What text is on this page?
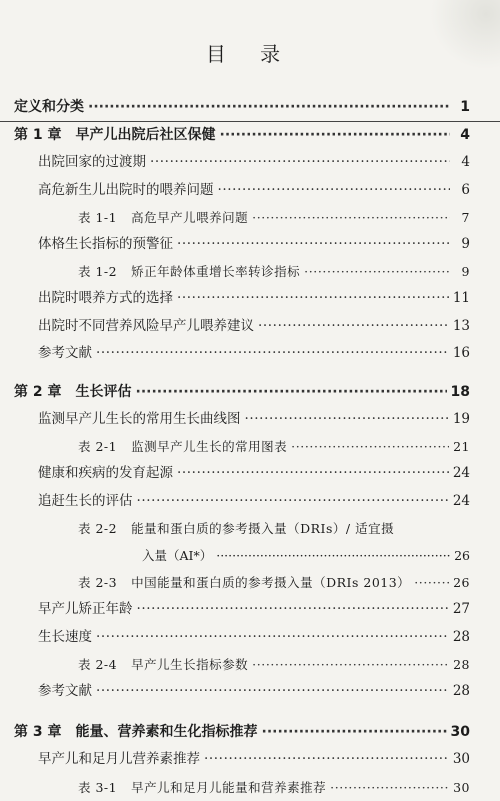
目 录
定义和分类 ·····	1
第 1 章 早产儿出院后社区保健 ·····	4
出院回家的过渡期 ·····	4
高危新生儿出院时的喂养问题 ·····	6
表 1-1 高危早产儿喂养问题 ·····	7
体格生长指标的预警征 ·····	9
表 1-2 矫正年龄体重增长率转诊指标 ·····	9
出院时喂养方式的选择 ·····	11
出院时不同营养风险早产儿喂养建议 ·····	13
参考文献 ·····	16
第 2 章 生长评估 ·····	18
监测早产儿生长的常用生长曲线图 ·····	19
表 2-1 监测早产儿生长的常用图表 ·····	21
健康和疾病的发育起源 ·····	24
追赶生长的评估 ·····	24
表 2-2 能量和蛋白质的参考摄入量（DRIs）/ 适宜摄
入量（AI*） ·····	26
表 2-3 中国能量和蛋白质的参考摄入量（DRIs 2013） ·····	26
早产儿矫正年龄 ·····	27
生长速度 ·····	28
表 2-4 早产儿生长指标参数 ·····	28
参考文献 ·····	28
第 3 章 能量、营养素和生化指标推荐 ·····	30
早产儿和足月儿营养素推荐 ·····	30
表 3-1 早产儿和足月儿能量和营养素推荐 ·····	30
